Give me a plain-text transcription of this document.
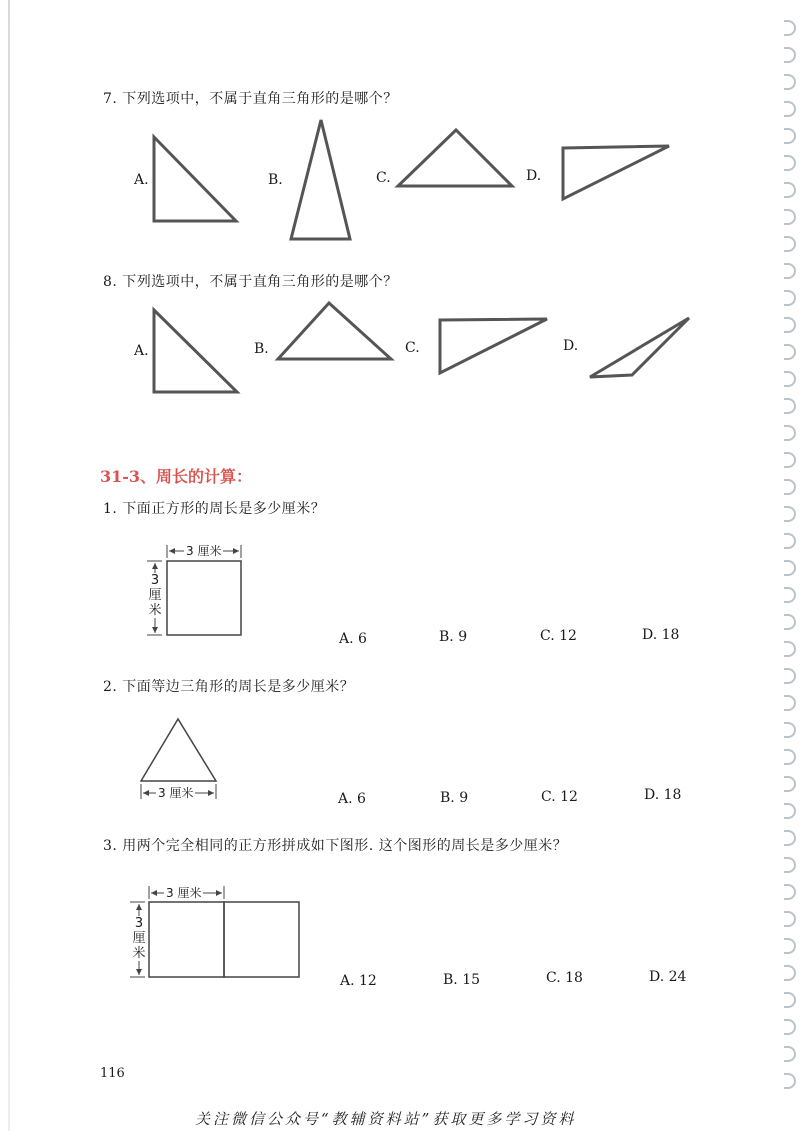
7. 下列选项中，不属于直角三角形的是哪个？
A.	B.	C.	D.
8. 下列选项中，不属于直角三角形的是哪个？
A.	B.	C.	D.
31-3、周长的计算：
1. 下面正方形的周长是多少厘米？
3 厘米
3
厘
米
A. 6	B. 9	C. 12	D. 18
2. 下面等边三角形的周长是多少厘米？
3 厘米	A. 6	B. 9	C. 12	D. 18
3. 用两个完全相同的正方形拼成如下图形. 这个图形的周长是多少厘米？
3 厘米
3
厘
米
A. 12	B. 15	C. 18	D. 24
116
关注微信公众号“教辅资料站”获取更多学习资料
